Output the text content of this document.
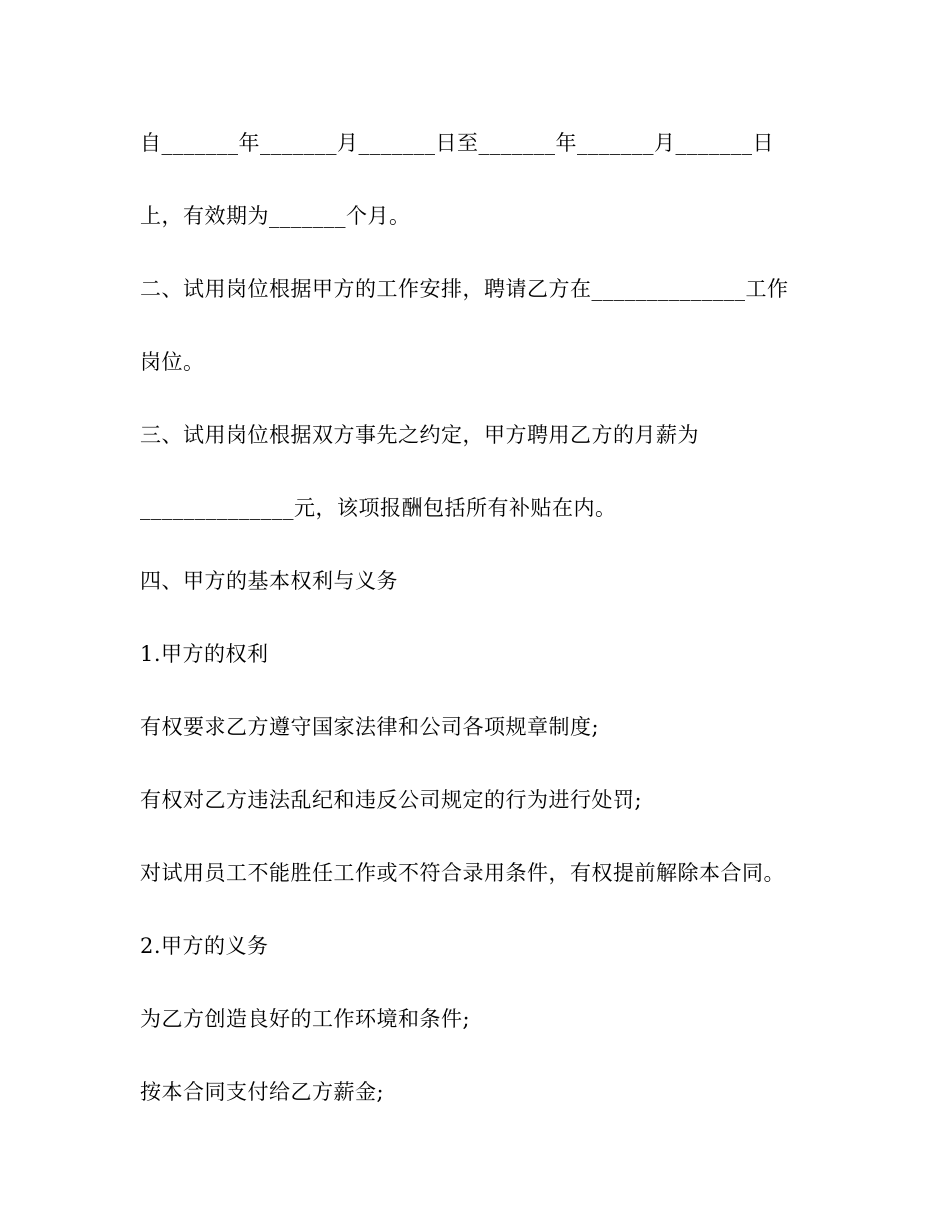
自_______年_______月_______日至_______年_______月_______日

上，有效期为_______个月。

二、试用岗位根据甲方的工作安排，聘请乙方在______________工作

岗位。

三、试用岗位根据双方事先之约定，甲方聘用乙方的月薪为

______________元，该项报酬包括所有补贴在内。

四、甲方的基本权利与义务

1.甲方的权利

有权要求乙方遵守国家法律和公司各项规章制度;

有权对乙方违法乱纪和违反公司规定的行为进行处罚;

对试用员工不能胜任工作或不符合录用条件，有权提前解除本合同。

2.甲方的义务

为乙方创造良好的工作环境和条件;

按本合同支付给乙方薪金;
